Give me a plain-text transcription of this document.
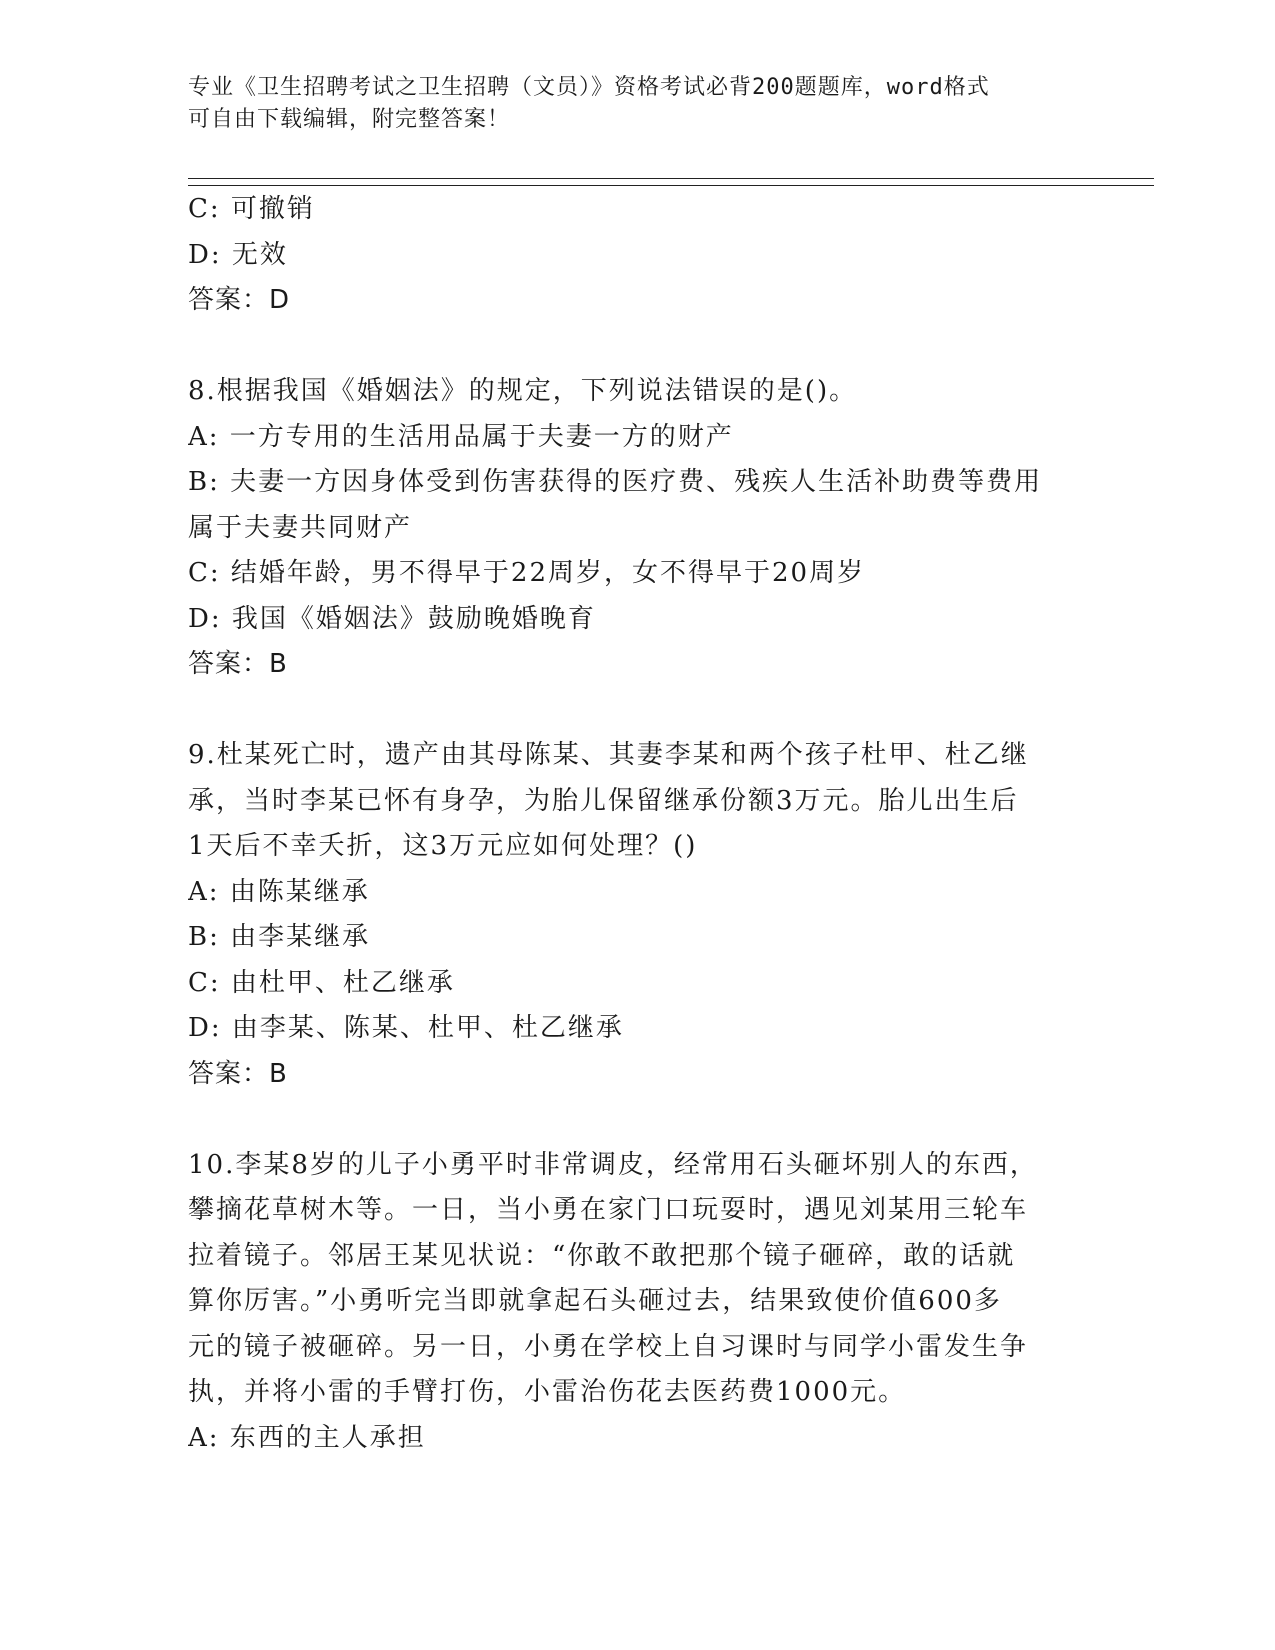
专业《卫生招聘考试之卫生招聘（文员）》资格考试必背200题题库，word格式
可自由下载编辑，附完整答案！
C: 可撤销
D: 无效
答案：D
8.根据我国《婚姻法》的规定，下列说法错误的是()。
A: 一方专用的生活用品属于夫妻一方的财产
B: 夫妻一方因身体受到伤害获得的医疗费、残疾人生活补助费等费用
属于夫妻共同财产
C: 结婚年龄，男不得早于22周岁，女不得早于20周岁
D: 我国《婚姻法》鼓励晚婚晚育
答案：B
9.杜某死亡时，遗产由其母陈某、其妻李某和两个孩子杜甲、杜乙继
承，当时李某已怀有身孕，为胎儿保留继承份额3万元。胎儿出生后
1天后不幸夭折，这3万元应如何处理？()
A: 由陈某继承
B: 由李某继承
C: 由杜甲、杜乙继承
D: 由李某、陈某、杜甲、杜乙继承
答案：B
10.李某8岁的儿子小勇平时非常调皮，经常用石头砸坏别人的东西，
攀摘花草树木等。一日，当小勇在家门口玩耍时，遇见刘某用三轮车
拉着镜子。邻居王某见状说：“你敢不敢把那个镜子砸碎，敢的话就
算你厉害。”小勇听完当即就拿起石头砸过去，结果致使价值600多
元的镜子被砸碎。另一日，小勇在学校上自习课时与同学小雷发生争
执，并将小雷的手臂打伤，小雷治伤花去医药费1000元。
A: 东西的主人承担
